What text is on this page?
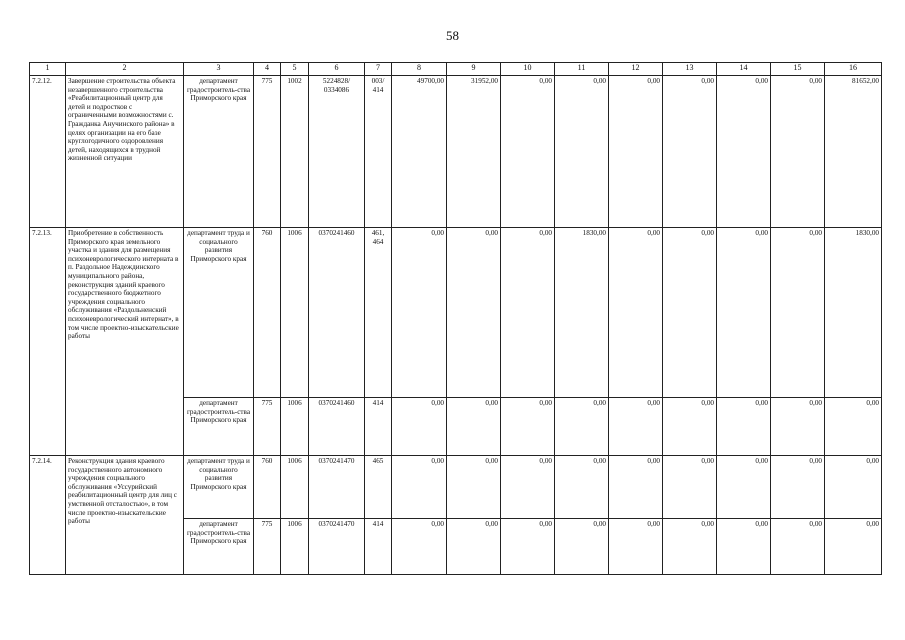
58
1	2	3	4	5	6	7	8	9	10	11	12	13	14	15	16
7.2.12.	Завершение строительства объекта незавершенного строительства «Реабилитационный центр для детей и подростков с ограниченными возможностями с. Гражданка Анучинского района» в целях организации на его базе круглогодичного оздоровления детей, находящихся в трудной жизненной ситуации	департамент градостроитель-ства Приморского края	775	1002	5224828/ 0334086	003/ 414	49700,00	31952,00	0,00	0,00	0,00	0,00	0,00	0,00	81652,00
7.2.13.	Приобретение в собственность Приморского края земельного участка и здания для размещения психоневрологического интерната в п. Раздольное Надеждинского муниципального района, реконструкция зданий краевого государственного бюджетного учреждения социального обслуживания «Раздольненский психоневрологический интернат», в том числе проектно-изыскательские работы	департамент труда и социального развития Приморского края	760	1006	0370241460	461, 464	0,00	0,00	0,00	1830,00	0,00	0,00	0,00	0,00	1830,00
		департамент градостроитель-ства Приморского края	775	1006	0370241460	414	0,00	0,00	0,00	0,00	0,00	0,00	0,00	0,00	0,00
7.2.14.	Реконструкция здания краевого государственного автономного учреждения социального обслуживания «Уссурийский реабилитационный центр для лиц с умственной отсталостью», в том числе проектно-изыскательские работы	департамент труда и социального развития Приморского края	760	1006	0370241470	465	0,00	0,00	0,00	0,00	0,00	0,00	0,00	0,00	0,00
		департамент градостроитель-ства Приморского края	775	1006	0370241470	414	0,00	0,00	0,00	0,00	0,00	0,00	0,00	0,00	0,00
